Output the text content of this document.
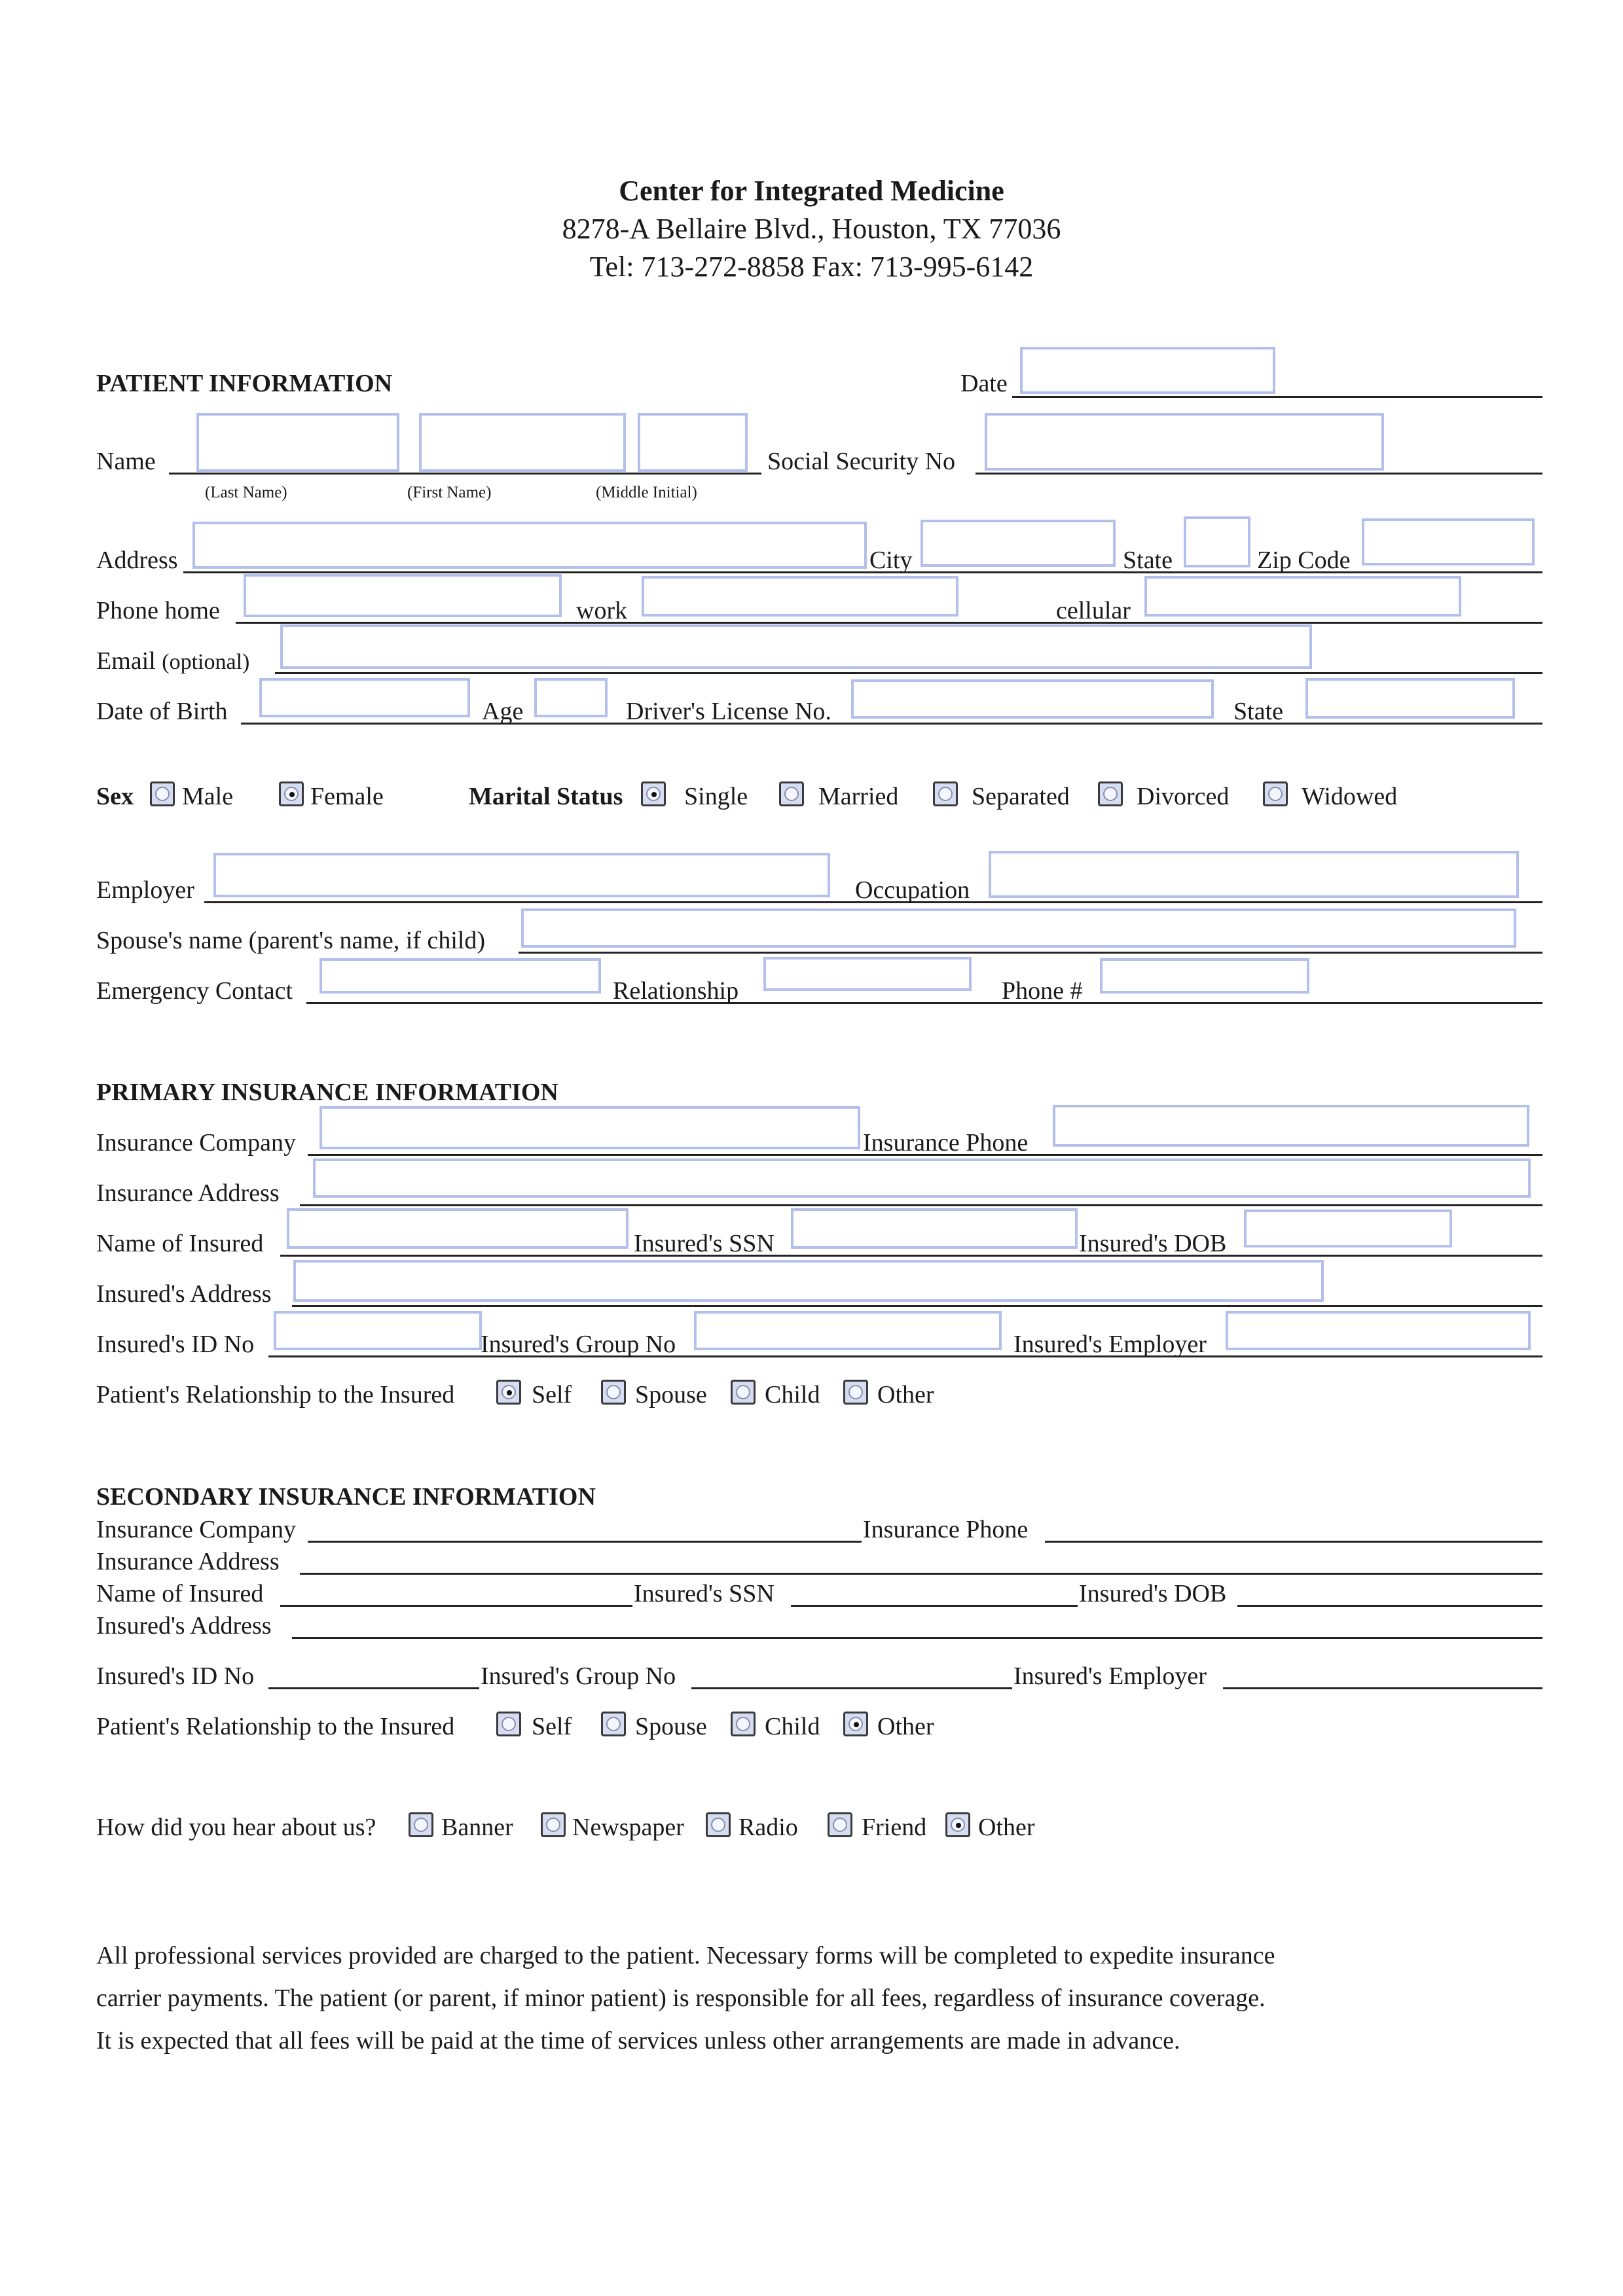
Center for Integrated Medicine
8278-A Bellaire Blvd., Houston, TX 77036
Tel: 713-272-8858 Fax: 713-995-6142
PATIENT INFORMATION	Date
Name
(Last Name)	(First Name)	(Middle Initial)
Social Security No
Address	City	State	Zip Code
Phone home	work	cellular
Email (optional)
Date of Birth	Age	Driver's License No.	State
Sex Male	Female	Marital Status Single	Married	Separated	Divorced	Widowed
Employer	Occupation
Spouse's name (parent's name, if child)
Emergency Contact	Relationship	Phone #
PRIMARY INSURANCE INFORMATION
Insurance Company	Insurance Phone
Insurance Address
Name of Insured	Insured's SSN	Insured's DOB
Insured's Address
Insured's ID No	Insured's Group No	Insured's Employer
Patient's Relationship to the Insured	Self	Spouse Child Other
SECONDARY INSURANCE INFORMATION
Insurance Company	Insurance Phone
Insurance Address
Name of Insured	Insured's SSN	Insured's DOB
Insured's Address
Insured's ID No	Insured's Group No	Insured's Employer
Patient's Relationship to the Insured	Self	Spouse Child Other
How did you hear about us?	Banner Newspaper Radio	Friend Other
All professional services provided are charged to the patient. Necessary forms will be completed to expedite insurance
carrier payments. The patient (or parent, if minor patient) is responsible for all fees, regardless of insurance coverage.
It is expected that all fees will be paid at the time of services unless other arrangements are made in advance.
